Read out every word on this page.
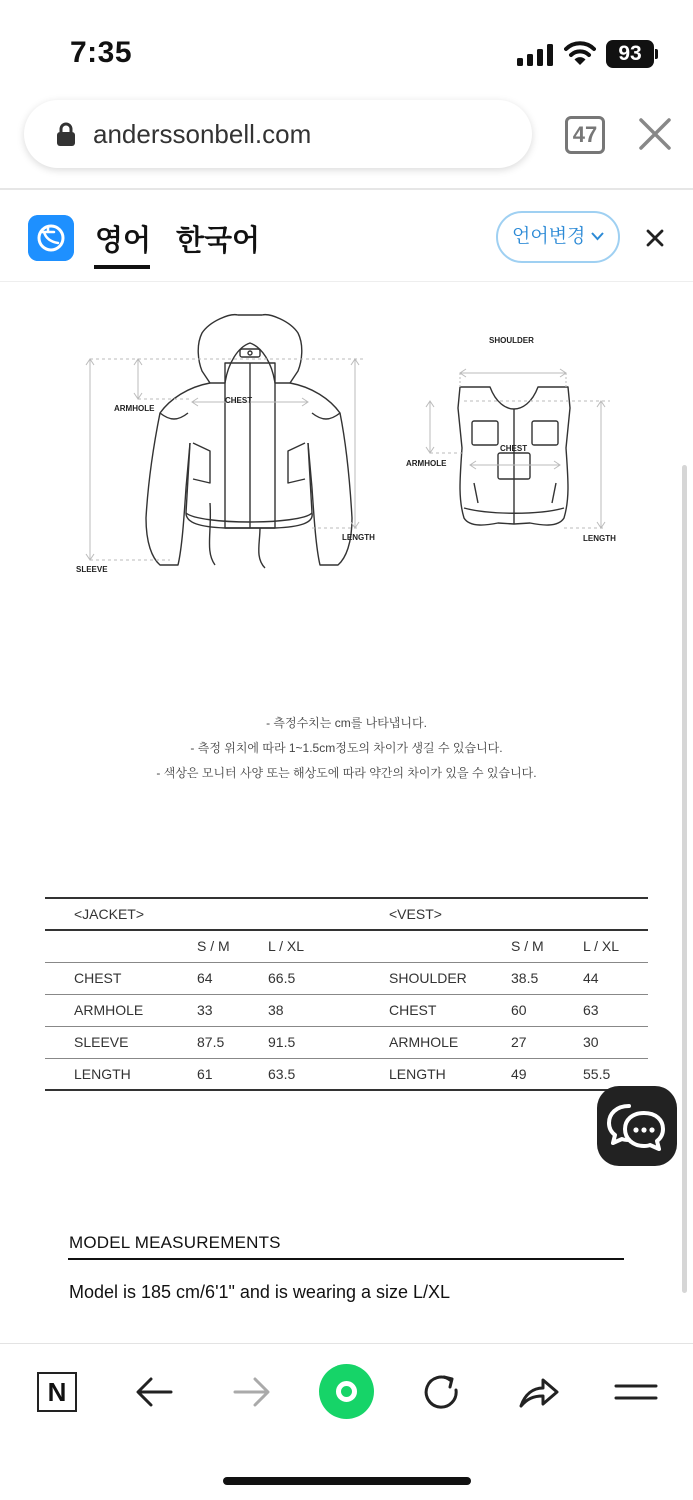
7:35	93
anderssonbell.com	47
영어 한국어	언어변경
ARMHOLE
CHEST
LENGTH
SLEEVE
SHOULDER
ARMHOLE
CHEST
LENGTH
- 측정수치는 cm를 나타냅니다.
- 측정 위치에 따라 1~1.5cm정도의 차이가 생길 수 있습니다.
- 색상은 모니터 사양 또는 해상도에 따라 약간의 차이가 있을 수 있습니다.
<JACKET>			<VEST>		
	S / M	L / XL		S / M	L / XL
CHEST	64	66.5	SHOULDER	38.5	44
ARMHOLE	33	38	CHEST	60	63
SLEEVE	87.5	91.5	ARMHOLE	27	30
LENGTH	61	63.5	LENGTH	49	55.5
MODEL MEASUREMENTS
Model is 185 cm/6'1" and is wearing a size L/XL
N
